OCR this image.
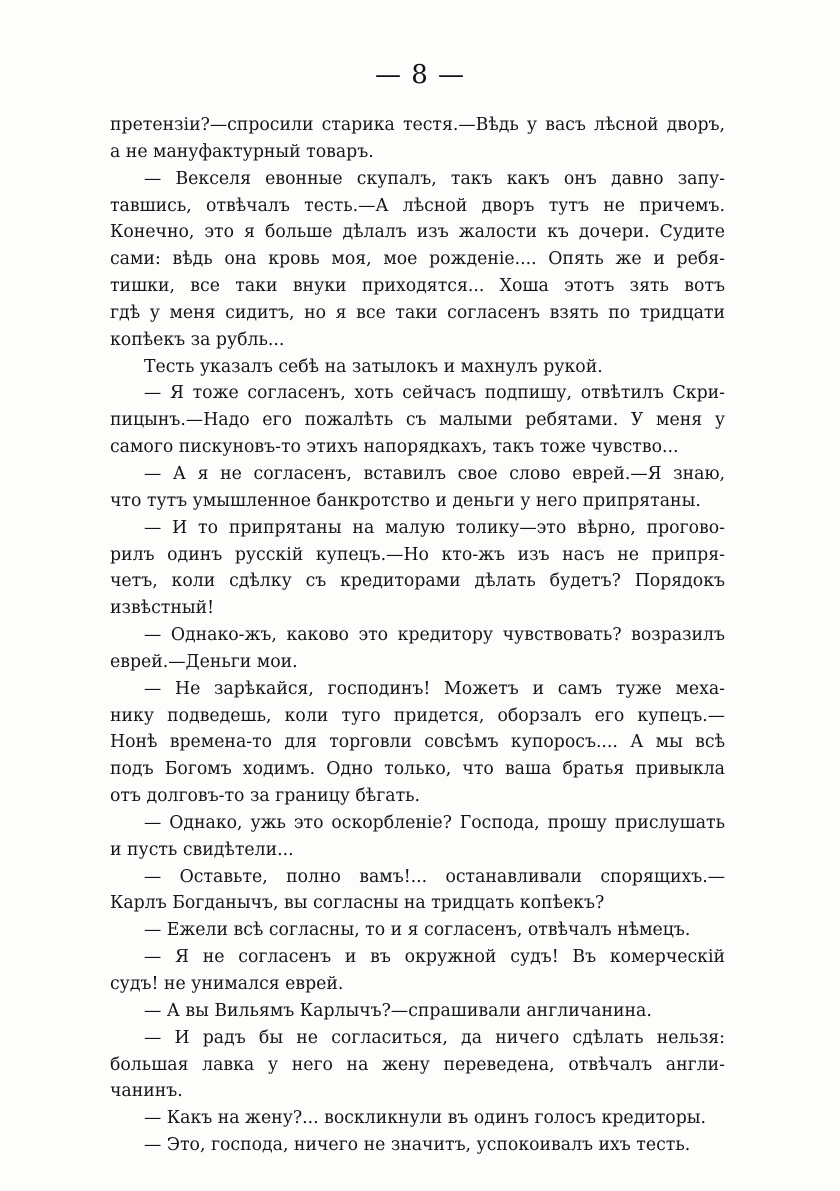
— 8 —
претензiи?—спросили старика тестя.—Вѣдь у васъ лѣсной дворъ,
а не мануфактурный товаръ.
— Векселя евонные скупалъ, такъ какъ онъ давно запу-
тавшись, отвѣчалъ тесть.—А лѣсной дворъ тутъ не причемъ.
Конечно, это я больше дѣлалъ изъ жалости къ дочери. Судите
сами: вѣдь она кровь моя, мое рожденiе.... Опять же и ребя-
тишки, все таки внуки приходятся... Хоша этотъ зять вотъ
гдѣ у меня сидитъ, но я все таки согласенъ взять по тридцати
копѣекъ за рубль...
Тесть указалъ себѣ на затылокъ и махнулъ рукой.
— Я тоже согласенъ, хоть сейчасъ подпишу, отвѣтилъ Скри-
пицынъ.—Надо его пожалѣть съ малыми ребятами. У меня у
самого пискуновъ-то этихъ напорядкахъ, такъ тоже чувство...
— А я не согласенъ, вставилъ свое слово еврей.—Я знаю,
что тутъ умышленное банкротство и деньги у него припрятаны.
— И то припрятаны на малую толику—это вѣрно, прогово-
рилъ одинъ русскiй купецъ.—Но кто-жъ изъ насъ не припря-
четъ, коли сдѣлку съ кредиторами дѣлать будетъ? Порядокъ
извѣстный!
— Однако-жъ, каково это кредитору чувствовать? возразилъ
еврей.—Деньги мои.
— Не зарѣкайся, господинъ! Можетъ и самъ туже меха-
нику подведешь, коли туго придется, оборзалъ его купецъ.—
Нонѣ времена-то для торговли совсѣмъ купоросъ.... А мы всѣ
подъ Богомъ ходимъ. Одно только, что ваша братья привыкла
отъ долговъ-то за границу бѣгать.
— Однако, ужь это оскорбленiе? Господа, прошу прислушать
и пусть свидѣтели...
— Оставьте, полно вамъ!... останавливали спорящихъ.—
Карлъ Богданычъ, вы согласны на тридцать копѣекъ?
— Ежели всѣ согласны, то и я согласенъ, отвѣчалъ нѣмецъ.
— Я не согласенъ и въ окружной судъ! Въ комерческiй
судъ! не унимался еврей.
— А вы Вильямъ Карлычъ?—спрашивали англичанина.
— И радъ бы не согласиться, да ничего сдѣлать нельзя:
большая лавка у него на жену переведена, отвѣчалъ англи-
чанинъ.
— Какъ на жену?... воскликнули въ одинъ голосъ кредиторы.
— Это, господа, ничего не значитъ, успокоивалъ ихъ тесть.
